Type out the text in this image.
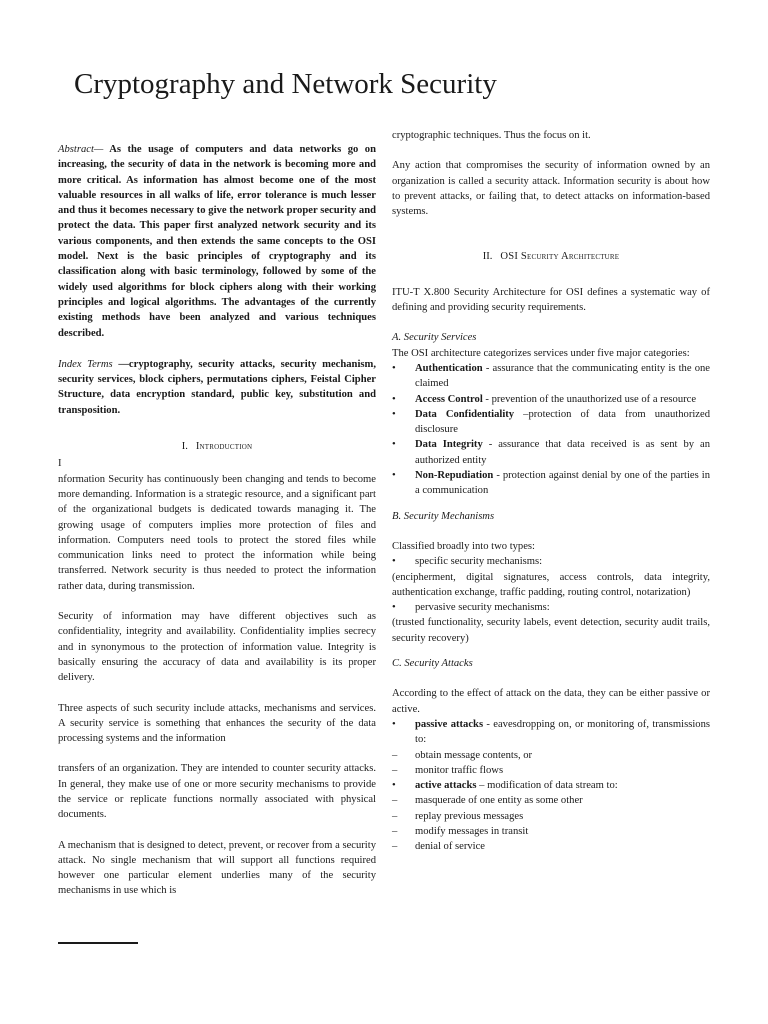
Cryptography and Network Security

Abstract— As the usage of computers and data networks go on increasing, the security of data in the network is becoming more and more critical. As information has almost become one of the most valuable resources in all walks of life, error tolerance is much lesser and thus it becomes necessary to give the network proper security and protect the data. This paper first analyzed network security and its various components, and then extends the same concepts to the OSI model. Next is the basic principles of cryptography and its classification along with basic terminology, followed by some of the widely used algorithms for block ciphers along with their working principles and logical algorithms. The advantages of the currently existing methods have been analyzed and various techniques described.

Index Terms —cryptography, security attacks, security mechanism, security services, block ciphers, permutations ciphers, Feistal Cipher Structure, data encryption standard, public key, substitution and transposition.

I. Introduction

I

nformation Security has continuously been changing and tends to become more demanding. Information is a strategic resource, and a significant part of the organizational budgets is dedicated towards managing it. The growing usage of computers implies more protection of files and information. Computers need tools to protect the stored files while communication links need to protect the information while being transferred. Network security is thus needed to protect the information rather data, during transmission.

Security of information may have different objectives such as confidentiality, integrity and availability. Confidentiality implies secrecy and in synonymous to the protection of information value. Integrity is basically ensuring the accuracy of data and availability is its proper delivery.

Three aspects of such security include attacks, mechanisms and services. A security service is something that enhances the security of the data processing systems and the information

transfers of an organization. They are intended to counter security attacks. In general, they make use of one or more security mechanisms to provide the service or replicate functions normally associated with physical documents.

A mechanism that is designed to detect, prevent, or recover from a security attack. No single mechanism that will support all functions required however one particular element underlies many of the security mechanisms in use which is

cryptographic techniques. Thus the focus on it.

Any action that compromises the security of information owned by an organization is called a security attack. Information security is about how to prevent attacks, or failing that, to detect attacks on information-based systems.

II. OSI Security Architecture

ITU-T X.800 Security Architecture for OSI defines a systematic way of defining and providing security requirements.

A. Security Services

The OSI architecture categorizes services under five major categories:

• Authentication - assurance that the communicating entity is the one claimed
• Access Control - prevention of the unauthorized use of a resource
• Data Confidentiality –protection of data from unauthorized disclosure
• Data Integrity - assurance that data received is as sent by an authorized entity
• Non-Repudiation - protection against denial by one of the parties in a communication

B. Security Mechanisms

Classified broadly into two types:

• specific security mechanisms:

(encipherment, digital signatures, access controls, data integrity, authentication exchange, traffic padding, routing control, notarization)

• pervasive security mechanisms:

(trusted functionality, security labels, event detection, security audit trails, security recovery)

C. Security Attacks

According to the effect of attack on the data, they can be either passive or active.

• passive attacks - eavesdropping on, or monitoring of, transmissions to:
– obtain message contents, or
– monitor traffic flows
• active attacks – modification of data stream to:
– masquerade of one entity as some other
– replay previous messages
– modify messages in transit
– denial of service
